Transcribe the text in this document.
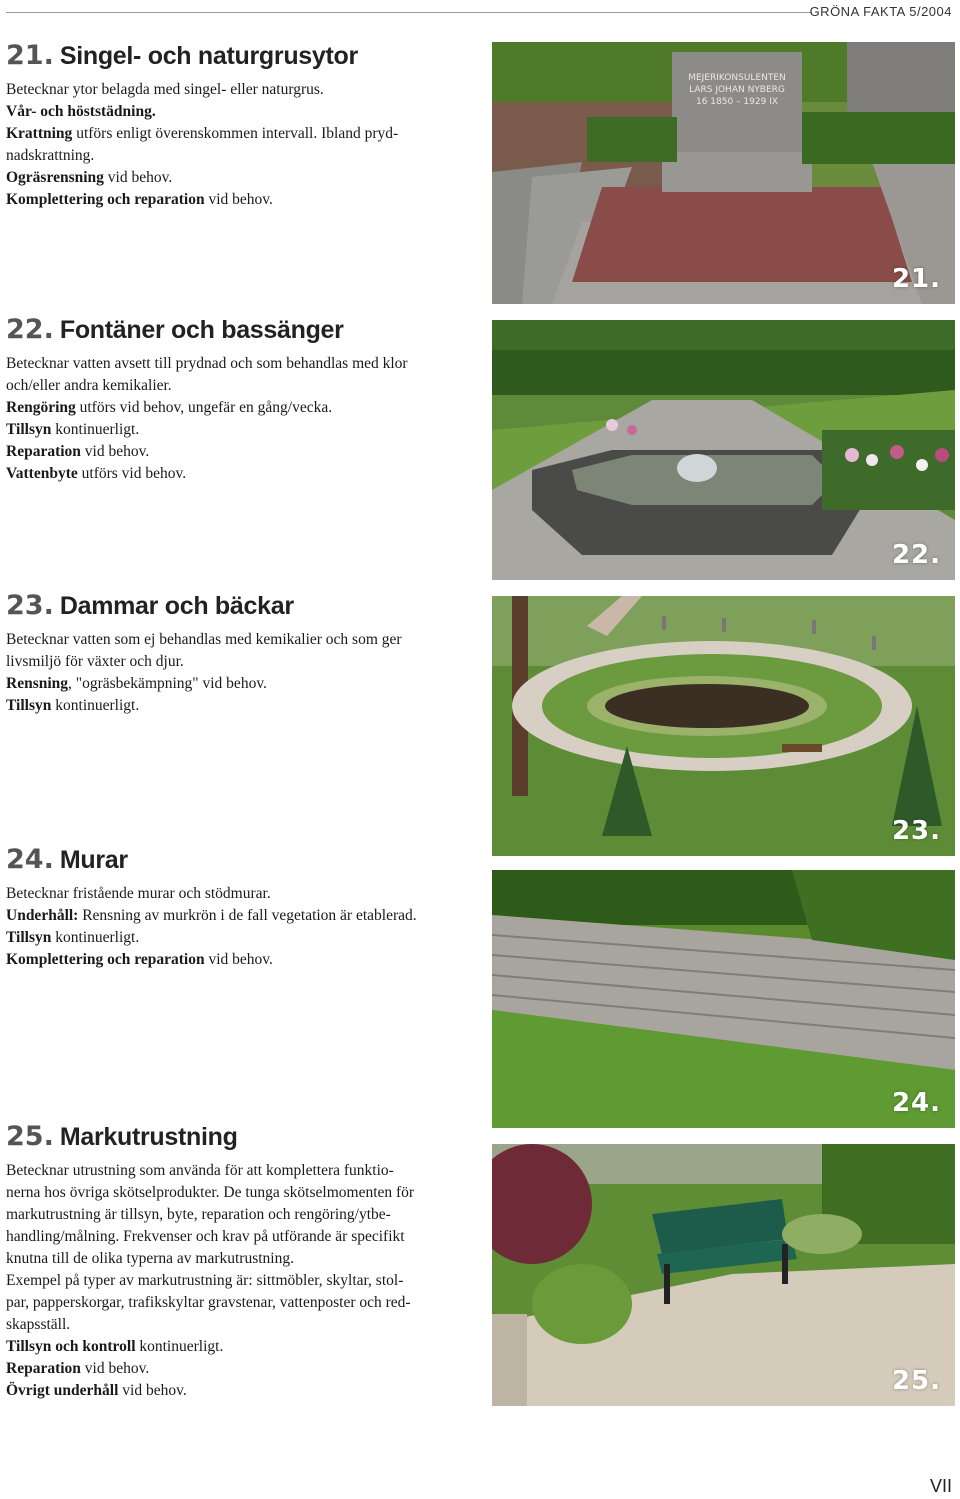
GRÖNA FAKTA 5/2004
21. Singel- och naturgrusytor

Betecknar ytor belagda med singel- eller naturgrus.

Vår- och höststädning.

Krattning utförs enligt överenskommen intervall. Ibland pryd-

nadskrattning.

Ogräsrensning vid behov.

Komplettering och reparation vid behov.

22. Fontäner och bassänger

Betecknar vatten avsett till prydnad och som behandlas med klor

och/eller andra kemikalier.

Rengöring utförs vid behov, ungefär en gång/vecka.

Tillsyn kontinuerligt.

Reparation vid behov.

Vattenbyte utförs vid behov.

23. Dammar och bäckar

Betecknar vatten som ej behandlas med kemikalier och som ger

livsmiljö för växter och djur.

Rensning, "ogräsbekämpning" vid behov.

Tillsyn kontinuerligt.

24. Murar

Betecknar fristående murar och stödmurar.

Underhåll: Rensning av murkrön i de fall vegetation är etablerad.

Tillsyn kontinuerligt.

Komplettering och reparation vid behov.

25. Markutrustning

Betecknar utrustning som använda för att komplettera funktio-

nerna hos övriga skötselprodukter. De tunga skötselmomenten för

markutrustning är tillsyn, byte, reparation och rengöring/ytbe-

handling/målning. Frekvenser och krav på utförande är specifikt

knutna till de olika typerna av markutrustning.

Exempel på typer av markutrustning är: sittmöbler, skyltar, stol-

par, papperskorgar, trafikskyltar gravstenar, vattenposter och red-

skapsställ.

Tillsyn och kontroll kontinuerligt.

Reparation vid behov.

Övrigt underhåll vid behov.

MEJERIKONSULENTEN
LARS JOHAN NYBERG
16 1850 – 1929 IX
21.
22.
23.
24.
25.
VII
